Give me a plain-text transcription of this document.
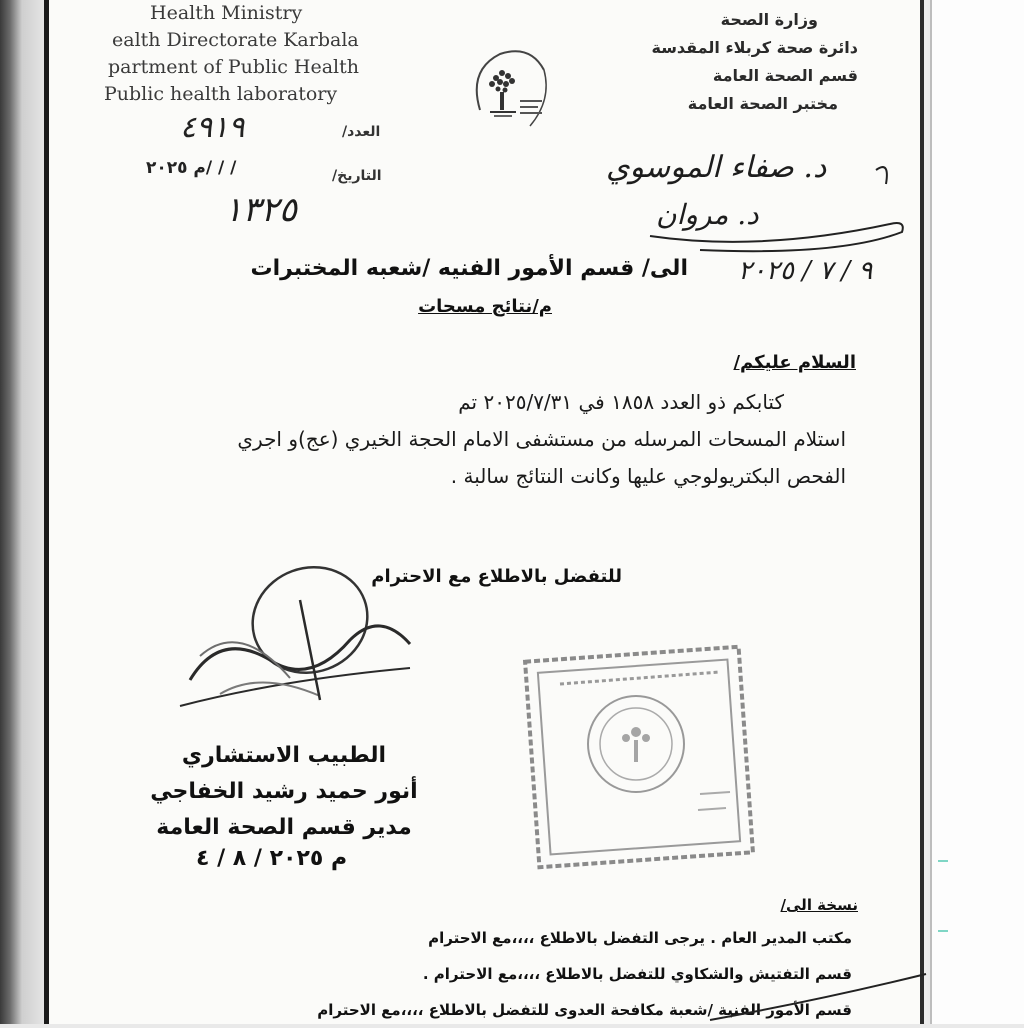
Health Ministry
ealth Directorate Karbala
partment of Public Health
Public health laboratory
وزارة الصحة
دائرة صحة كربلاء المقدسة
قسم الصحة العامة
مختبر الصحة العامة
العدد/
٤٩١٩
التاريخ/
م ٢٠٢٥/ / /
١٣٢٥
د. صفاء الموسوي
د. مروان
٩ / ٧ / ٢٠٢٥
الى/ قسم الأمور الفنيه /شعبه المختبرات
م/نتائج مسحات
السلام عليكم/
كتابكم ذو العدد ١٨٥٨ في ٢٠٢٥/٧/٣١ تم
استلام المسحات المرسله من مستشفى الامام الحجة الخيري (عج)و اجري
الفحص البكتريولوجي عليها وكانت النتائج سالبة .
للتفضل بالاطلاع مع الاحترام
الطبيب الاستشاري
أنور حميد رشيد الخفاجي
مدير قسم الصحة العامة
م ٢٠٢٥ / ٨ / ٤
نسخة الى/
مكتب المدير العام . يرجى التفضل بالاطلاع ،،،،مع الاحترام
قسم التفتيش والشكاوي للتفضل بالاطلاع ،،،،مع الاحترام .
قسم الأمور الفنية /شعبة مكافحة العدوى للتفضل بالاطلاع ،،،،مع الاحترام
